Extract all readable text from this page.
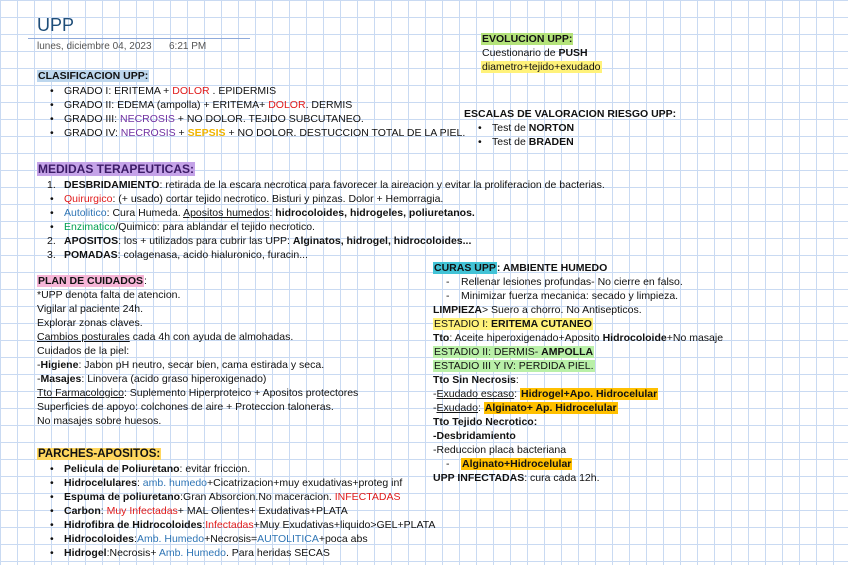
UPP
lunes, diciembre 04, 2023 6:21 PM
CLASIFICACION UPP:
• GRADO I: ERITEMA + DOLOR . EPIDERMIS
• GRADO II: EDEMA (ampolla) + ERITEMA+ DOLOR. DERMIS
• GRADO III: NECROSIS + NO DOLOR. TEJIDO SUBCUTANEO.
• GRADO IV: NECROSIS + SEPSIS + NO DOLOR. DESTUCCION TOTAL DE LA PIEL.
EVOLUCION UPP:
Cuestionario de PUSH
diametro+tejido+exudado
ESCALAS DE VALORACION RIESGO UPP:
• Test de NORTON
• Test de BRADEN
MEDIDAS TERAPEUTICAS:
1. DESBRIDAMIENTO: retirada de la escara necrotica para favorecer la aireacion y evitar la proliferacion de bacterias.
• Quirurgico: (+ usado) cortar tejido necrotico. Bisturi y pinzas. Dolor + Hemorragia.
• Autolitico: Cura Humeda. Apositos humedos: hidrocoloides, hidrogeles, poliuretanos.
• Enzimatico/Quimico: para ablandar el tejido necrotico.
2. APOSITOS: los + utilizados para cubrir las UPP: Alginatos, hidrogel, hidrocoloides...
3. POMADAS: colagenasa, acido hialuronico, furacin...
PLAN DE CUIDADOS:
*UPP denota falta de atencion.
Vigilar al paciente 24h.
Explorar zonas claves.
Cambios posturales cada 4h con ayuda de almohadas.
Cuidados de la piel:
-Higiene: Jabon pH neutro, secar bien, cama estirada y seca.
-Masajes: Linovera (acido graso hiperoxigenado)
Tto Farmacologico: Suplemento Hiperproteico + Apositos protectores
Superficies de apoyo: colchones de aire + Proteccion taloneras.
No masajes sobre huesos.
PARCHES-APOSITOS:
• Pelicula de Poliuretano: evitar friccion.
• Hidrocelulares: amb. humedo+Cicatrizacion+muy exudativas+proteg inf
• Espuma de poliuretano:Gran Absorcion.No maceracion. INFECTADAS
• Carbon: Muy Infectadas+ MAL Olientes+ Exudativas+PLATA
• Hidrofibra de Hidrocoloides:Infectadas+Muy Exudativas+liquido>GEL+PLATA
• Hidrocoloides:Amb. Humedo+Necrosis=AUTOLITICA+poca abs
• Hidrogel:Necrosis+ Amb. Humedo. Para heridas SECAS
CURAS UPP: AMBIENTE HUMEDO
- Rellenar lesiones profundas- No cierre en falso.
- Minimizar fuerza mecanica: secado y limpieza.
LIMPIEZA> Suero a chorro. No Antisepticos.
ESTADIO I: ERITEMA CUTANEO
Tto: Aceite hiperoxigenado+Aposito Hidrocoloide+No masaje
ESTADIO II: DERMIS- AMPOLLA
ESTADIO III Y IV: PERDIDA PIEL.
Tto Sin Necrosis:
-Exudado escaso: Hidrogel+Apo. Hidrocelular
-Exudado: Alginato+ Ap. Hidrocelular
Tto Tejido Necrotico:
-Desbridamiento
-Reduccion placa bacteriana
- Alginato+Hidrocelular
UPP INFECTADAS: cura cada 12h.
